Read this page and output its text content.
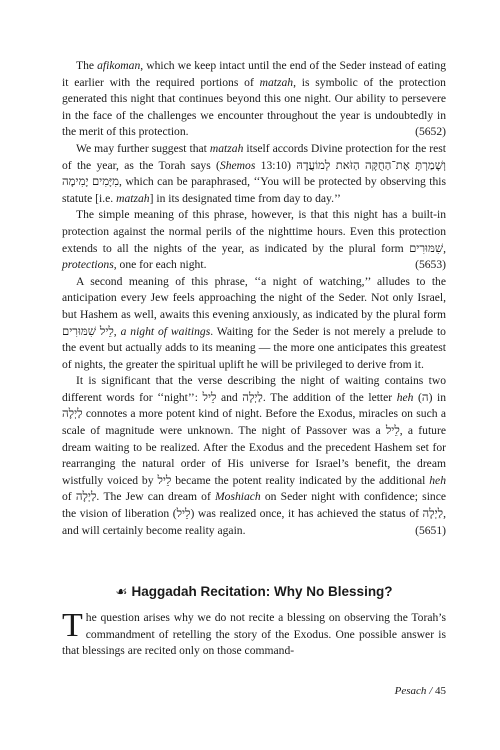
The afikoman, which we keep intact until the end of the Seder instead of eating it earlier with the required portions of matzah, is symbolic of the protection generated this night that continues beyond this one night. Our ability to persevere in the face of the challenges we encounter throughout the year is undoubtedly in the merit of this protection.	(5652)

We may further suggest that matzah itself accords Divine protection for the rest of the year, as the Torah says (Shemos 13:10) וְשָׁמַרְתָּ אֶת־הַחֻקָּה הַזֹּאת לְמוֹעֲדָהּ מִיָּמִים יָמִימָה, which can be paraphrased, ‘‘You will be protected by observing this statute [i.e. matzah] in its designated time from day to day.’’

The simple meaning of this phrase, however, is that this night has a built-in protection against the normal perils of the nighttime hours. Even this protection extends to all the nights of the year, as indicated by the plural form שִׁמּוּרִים, protections, one for each night.	(5653)

A second meaning of this phrase, ‘‘a night of watching,’’ alludes to the anticipation every Jew feels approaching the night of the Seder. Not only Israel, but Hashem as well, awaits this evening anxiously, as indicated by the plural form לֵיל שִׁמּוּרִים, a night of waitings. Waiting for the Seder is not merely a prelude to the event but actually adds to its meaning — the more one anticipates this greatest of nights, the greater the spiritual uplift he will be privileged to derive from it.

It is significant that the verse describing the night of waiting contains two different words for ‘‘night’’: לֵיל and לַיְלָה. The addition of the letter heh (ה) in לַיְלָה connotes a more potent kind of night. Before the Exodus, miracles on such a scale of magnitude were unknown. The night of Passover was a לֵיל, a future dream waiting to be realized. After the Exodus and the precedent Hashem set for rearranging the natural order of His universe for Israel’s benefit, the dream wistfully voiced by לֵיל became the potent reality indicated by the additional heh of לַיְלָה. The Jew can dream of Moshiach on Seder night with confidence; since the vision of liberation (לֵיל) was realized once, it has achieved the status of לַיְלָה, and will certainly become reality again.	(5651)

☙ Haggadah Recitation: Why No Blessing?
The question arises why we do not recite a blessing on observing the Torah’s commandment of retelling the story of the Exodus. One possible answer is that blessings are recited only on those command-
Pesach / 45
